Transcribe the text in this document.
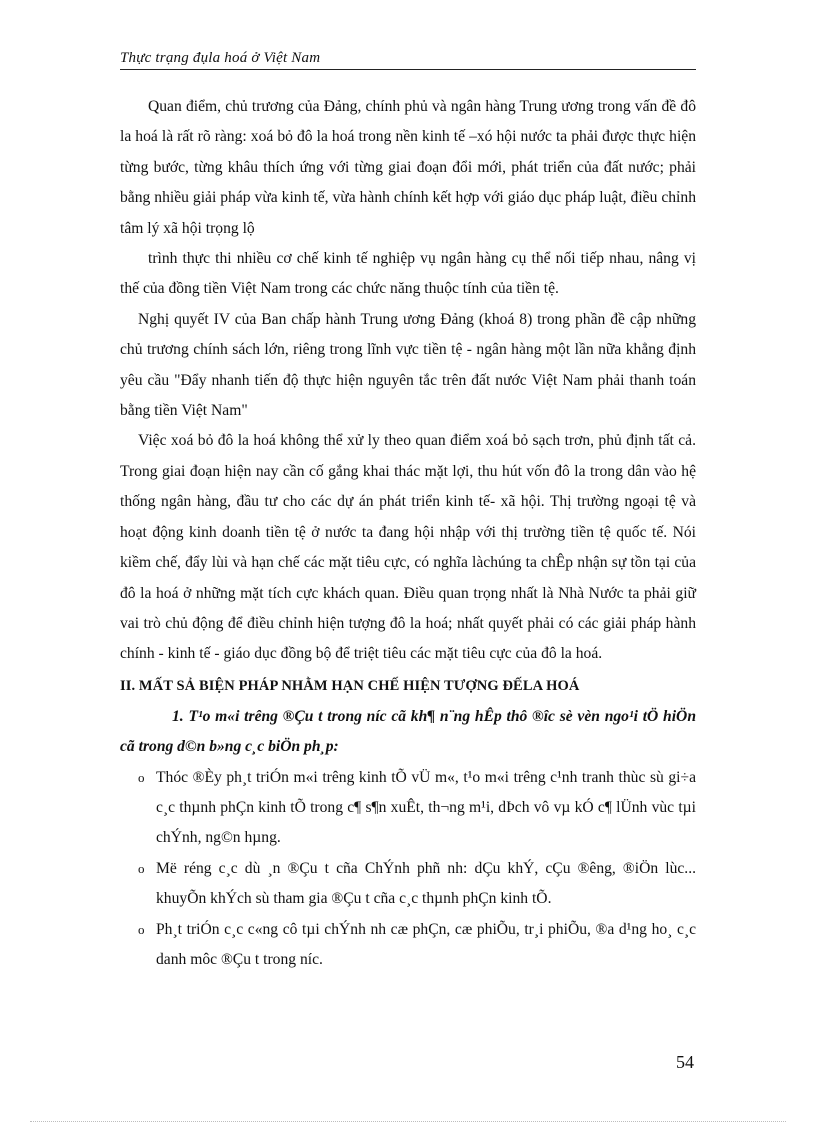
Thực trạng đụla hoá ở Việt Nam

Quan điểm, chủ trương của Đảng, chính phủ và ngân hàng Trung ương trong vấn đề đô la hoá là rất rõ ràng: xoá bỏ đô la hoá trong nền kinh tế –xó hội nước ta phải được thực hiện từng bước, từng khâu thích ứng với từng giai đoạn đổi mới, phát triển của đất nước; phải bằng nhiều giải pháp vừa kinh tế, vừa hành chính kết hợp với giáo dục pháp luật, điều chỉnh tâm lý xã hội trọng lộ

trình thực thi nhiều cơ chế kinh tế nghiệp vụ ngân hàng cụ thể nối tiếp nhau, nâng vị thế của đồng tiền Việt Nam trong các chức năng thuộc tính của tiền tệ.

Nghị quyết IV của Ban chấp hành Trung ương Đảng (khoá 8) trong phần đề cập những chủ trương chính sách lớn, riêng trong lĩnh vực tiền tệ - ngân hàng một lần nữa khẳng định yêu cầu "Đẩy nhanh tiến độ thực hiện nguyên tắc trên đất nước Việt Nam phải thanh toán bằng tiền Việt Nam"

Việc xoá bỏ đô la hoá không thể xử ly theo quan điểm xoá bỏ sạch trơn, phủ định tất cả. Trong giai đoạn hiện nay cần cố gắng khai thác mặt lợi, thu hút vốn đô la trong dân vào hệ thống ngân hàng, đầu tư cho các dự án phát triển kinh tế- xã hội. Thị trường ngoại tệ và hoạt động kinh doanh tiền tệ ở nước ta đang hội nhập với thị trường tiền tệ quốc tế. Nói kiềm chế, đẩy lùi và hạn chế các mặt tiêu cực, có nghĩa làchúng ta chÊp nhận sự tồn tại của đô la hoá ở những mặt tích cực khách quan. Điều quan trọng nhất là Nhà Nước ta phải giữ vai trò chủ động để điều chỉnh hiện tượng đô la hoá; nhất quyết phải có các giải pháp hành chính - kinh tế - giáo dục đồng bộ để triệt tiêu các mặt tiêu cực của đô la hoá.

II. MẤT SẢ BIỆN PHÁP NHẰM HẠN CHẾ HIỆN TƯỢNG ĐẾLA HOÁ

1. T¹o m«i trêng ®Çu t trong níc cã kh¶ n¨ng hÊp thô ®îc sè vèn ngo¹i tÖ hiÖn cã trong d©n b»ng c¸c biÖn ph¸p:

o Thóc ®Èy ph¸t triÓn m«i trêng kinh tÕ vÜ m«, t¹o m«i trêng c¹nh tranh thùc sù gi÷a c¸c thµnh phÇn kinh tÕ trong c¶ s¶n xuÊt, th¬ng m¹i, dÞch vô vµ kÓ c¶ lÜnh vùc tµi chÝnh, ng©n hµng.
o Më réng c¸c dù ¸n ®Çu t cña ChÝnh phñ nh: dÇu khÝ, cÇu ®êng, ®iÖn lùc... khuyÕn khÝch sù tham gia ®Çu t cña c¸c thµnh phÇn kinh tÕ.
o Ph¸t triÓn c¸c c«ng cô tµi chÝnh nh cæ phÇn, cæ phiÕu, tr¸i phiÕu, ®a d¹ng ho¸ c¸c danh môc ®Çu t trong níc.
54
